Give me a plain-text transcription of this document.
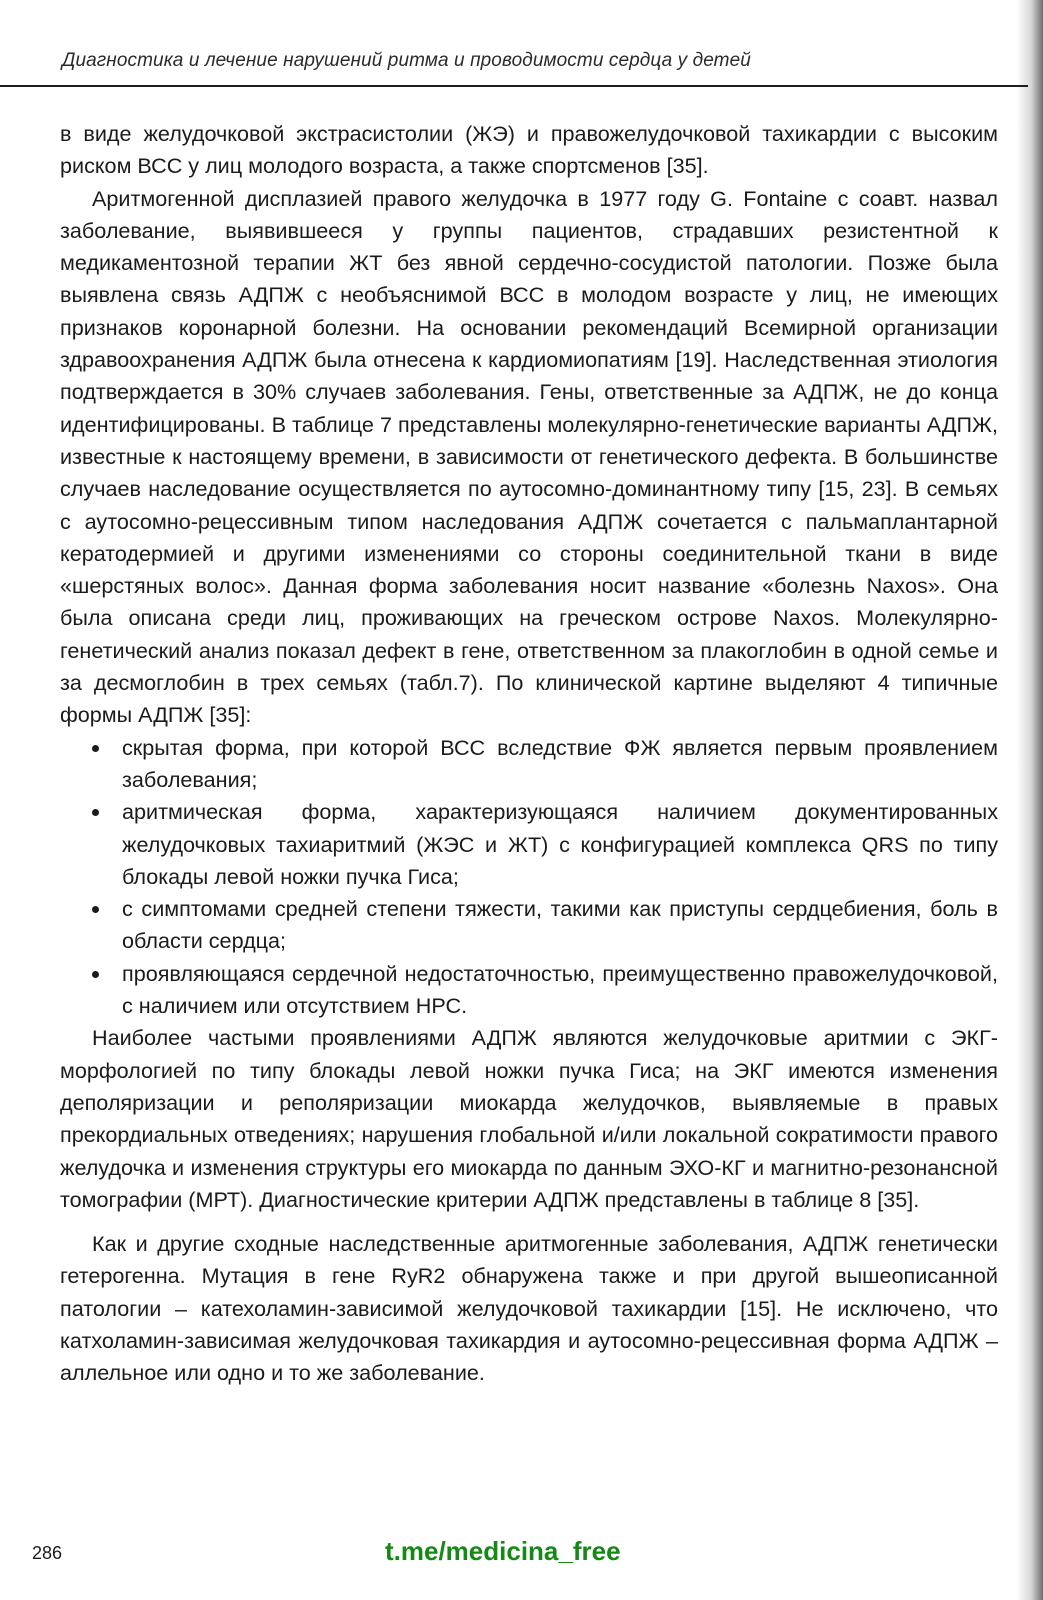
Диагностика и лечение нарушений ритма и проводимости сердца у детей

в виде желудочковой экстрасистолии (ЖЭ) и правожелудочковой тахикардии с высоким риском ВСС у лиц молодого возраста, а также спортсменов [35].

Аритмогенной дисплазией правого желудочка в 1977 году G. Fontaine с соавт. назвал заболевание, выявившееся у группы пациентов, страдавших резистентной к медикаментозной терапии ЖТ без явной сердечно-сосудистой патологии. Позже была выявлена связь АДПЖ с необъяснимой ВСС в молодом возрасте у лиц, не имеющих признаков коронарной болезни. На основании рекомендаций Всемирной организации здравоохранения АДПЖ была отнесена к кардиомиопатиям [19]. Наследственная этиология подтверждается в 30% случаев заболевания. Гены, ответственные за АДПЖ, не до конца идентифицированы. В таблице 7 представлены молекулярно-генетические варианты АДПЖ, известные к настоящему времени, в зависимости от генетического дефекта. В большинстве случаев наследование осуществляется по аутосомно-доминантному типу [15, 23]. В семьях с аутосомно-рецессивным типом наследования АДПЖ сочетается с пальмаплантарной кератодермией и другими изменениями со стороны соединительной ткани в виде «шерстяных волос». Данная форма заболевания носит название «болезнь Naxos». Она была описана среди лиц, проживающих на греческом острове Naxos. Молекулярно-генетический анализ показал дефект в гене, ответственном за плакоглобин в одной семье и за десмоглобин в трех семьях (табл.7). По клинической картине выделяют 4 типичные формы АДПЖ [35]:

скрытая форма, при которой ВСС вследствие ФЖ является первым проявлением заболевания;
аритмическая форма, характеризующаяся наличием документированных желудочковых тахиаритмий (ЖЭС и ЖТ) с конфигурацией комплекса QRS по типу блокады левой ножки пучка Гиса;
с симптомами средней степени тяжести, такими как приступы сердцебиения, боль в области сердца;
проявляющаяся сердечной недостаточностью, преимущественно правожелудочковой, с наличием или отсутствием НРС.

Наиболее частыми проявлениями АДПЖ являются желудочковые аритмии с ЭКГ-морфологией по типу блокады левой ножки пучка Гиса; на ЭКГ имеются изменения деполяризации и реполяризации миокарда желудочков, выявляемые в правых прекордиальных отведениях; нарушения глобальной и/или локальной сократимости правого желудочка и изменения структуры его миокарда по данным ЭХО-КГ и магнитно-резонансной томографии (МРТ). Диагностические критерии АДПЖ представлены в таблице 8 [35].

Как и другие сходные наследственные аритмогенные заболевания, АДПЖ генетически гетерогенна. Мутация в гене RyR2 обнаружена также и при другой вышеописанной патологии – катехоламин-зависимой желудочковой тахикардии [15]. Не исключено, что катхоламин-зависимая желудочковая тахикардия и аутосомно-рецессивная форма АДПЖ – аллельное или одно и то же заболевание.

286	t.me/medicina_free
